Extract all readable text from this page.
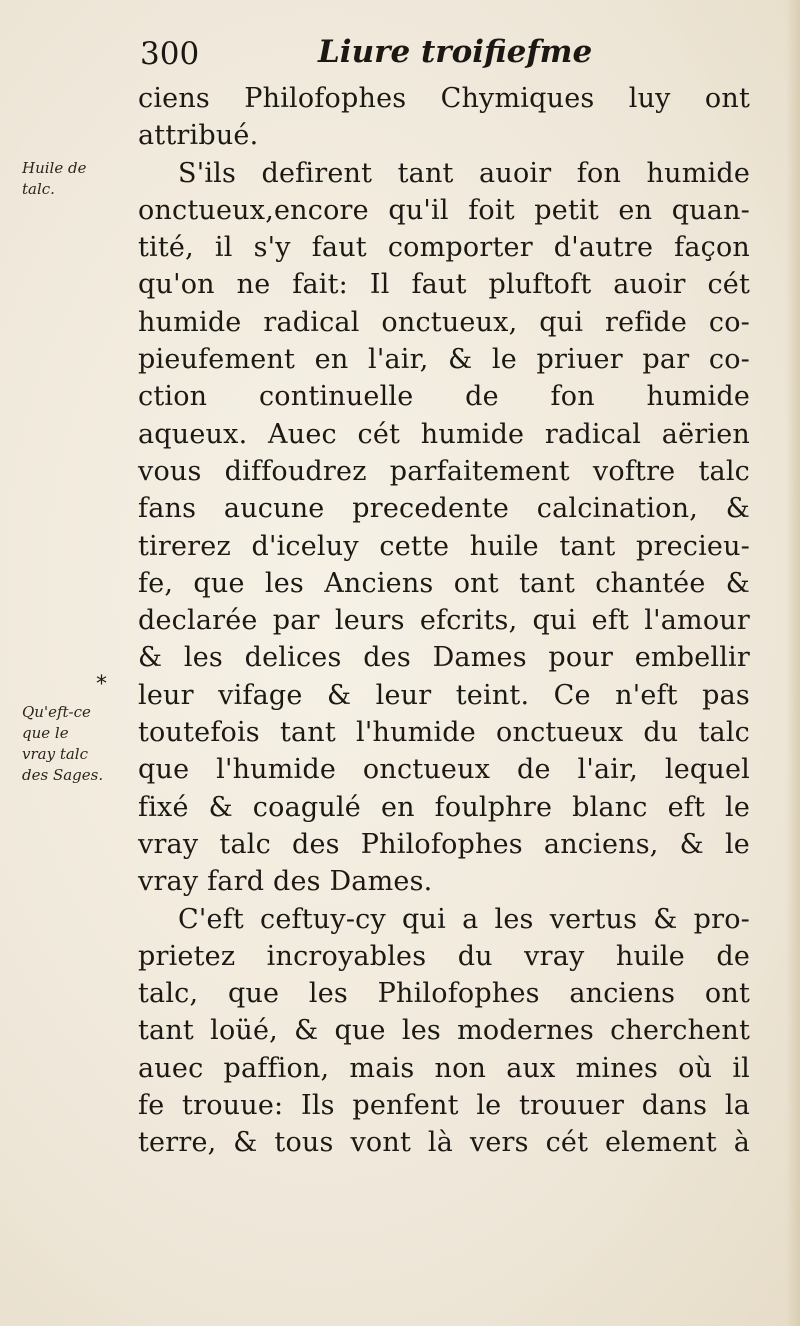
300	Liure troifiefme
Huile de
talc.
Qu'eft-ce
que le
vray talc
des Sages.
*
ciens Philofophes Chymiques luy ont
attribué.
S'ils defirent tant auoir fon humide
onctueux,encore qu'il foit petit en quan-
tité, il s'y faut comporter d'autre façon
qu'on ne fait: Il faut pluftoft auoir cét
humide radical onctueux, qui refide co-
pieufement en l'air, & le priuer par co-
ction continuelle de fon humide
aqueux. Auec cét humide radical aërien
vous diffoudrez parfaitement voftre talc
fans aucune precedente calcination, &
tirerez d'iceluy cette huile tant precieu-
fe, que les Anciens ont tant chantée &
declarée par leurs efcrits, qui eft l'amour
& les delices des Dames pour embellir
leur vifage & leur teint. Ce n'eft pas
toutefois tant l'humide onctueux du talc
que l'humide onctueux de l'air, lequel
fixé & coagulé en foulphre blanc eft le
vray talc des Philofophes anciens, & le
vray fard des Dames.
C'eft ceftuy-cy qui a les vertus & pro-
prietez incroyables du vray huile de
talc, que les Philofophes anciens ont
tant loüé, & que les modernes cherchent
auec paffion, mais non aux mines où il
fe trouue: Ils penfent le trouuer dans la
terre, & tous vont là vers cét element à
